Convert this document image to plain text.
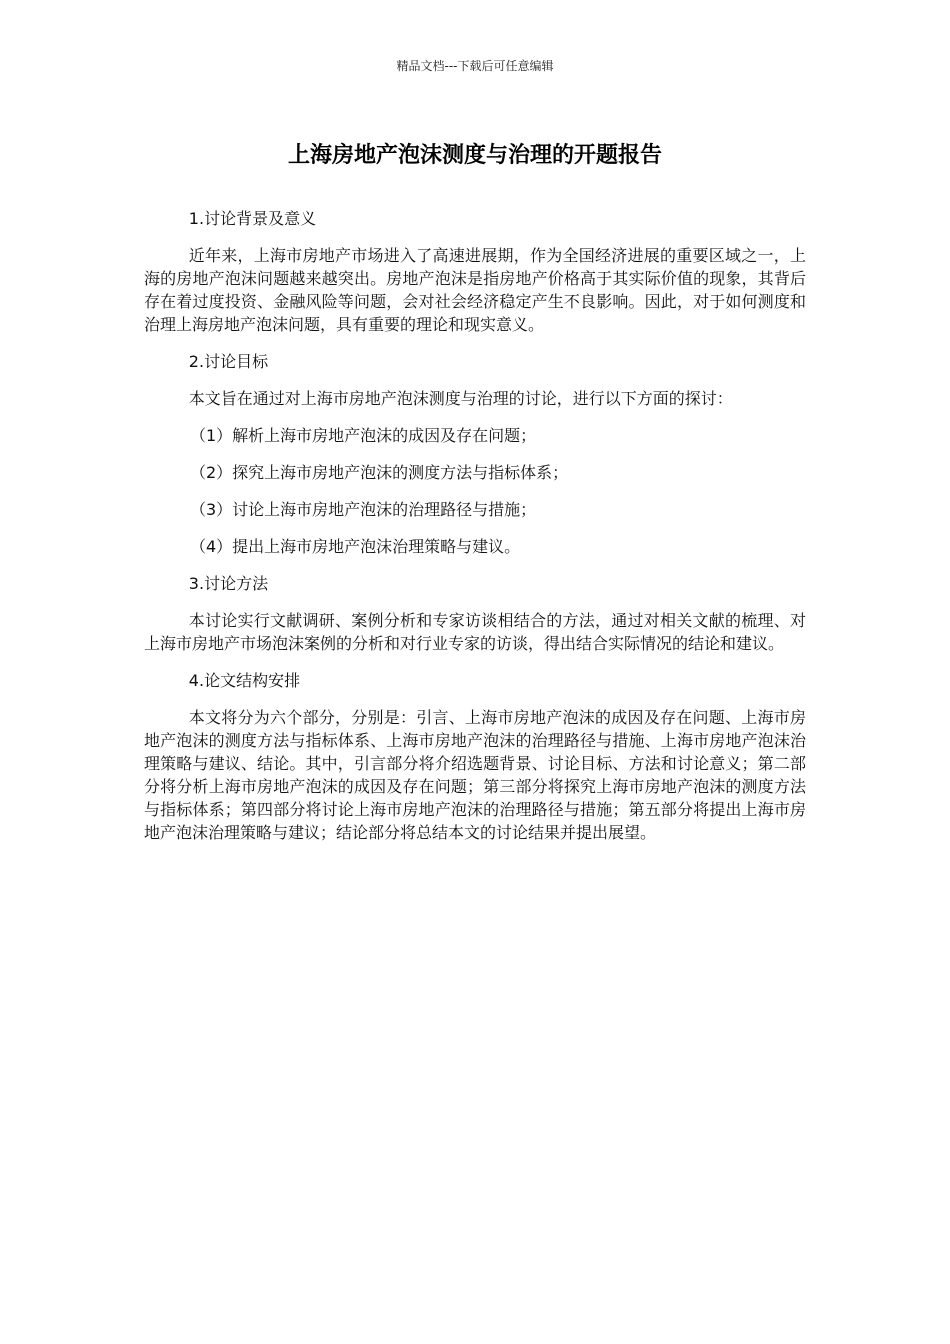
精品文档---下载后可任意编辑
上海房地产泡沫测度与治理的开题报告

1.讨论背景及意义

近年来，上海市房地产市场进入了高速进展期，作为全国经济进展的重要区域之一，上海的房地产泡沫问题越来越突出。房地产泡沫是指房地产价格高于其实际价值的现象，其背后存在着过度投资、金融风险等问题，会对社会经济稳定产生不良影响。因此，对于如何测度和治理上海房地产泡沫问题，具有重要的理论和现实意义。

2.讨论目标

本文旨在通过对上海市房地产泡沫测度与治理的讨论，进行以下方面的探讨：

（1）解析上海市房地产泡沫的成因及存在问题；

（2）探究上海市房地产泡沫的测度方法与指标体系；

（3）讨论上海市房地产泡沫的治理路径与措施；

（4）提出上海市房地产泡沫治理策略与建议。

3.讨论方法

本讨论实行文献调研、案例分析和专家访谈相结合的方法，通过对相关文献的梳理、对上海市房地产市场泡沫案例的分析和对行业专家的访谈，得出结合实际情况的结论和建议。

4.论文结构安排

本文将分为六个部分，分别是：引言、上海市房地产泡沫的成因及存在问题、上海市房地产泡沫的测度方法与指标体系、上海市房地产泡沫的治理路径与措施、上海市房地产泡沫治理策略与建议、结论。其中，引言部分将介绍选题背景、讨论目标、方法和讨论意义；第二部分将分析上海市房地产泡沫的成因及存在问题；第三部分将探究上海市房地产泡沫的测度方法与指标体系；第四部分将讨论上海市房地产泡沫的治理路径与措施；第五部分将提出上海市房地产泡沫治理策略与建议；结论部分将总结本文的讨论结果并提出展望。
